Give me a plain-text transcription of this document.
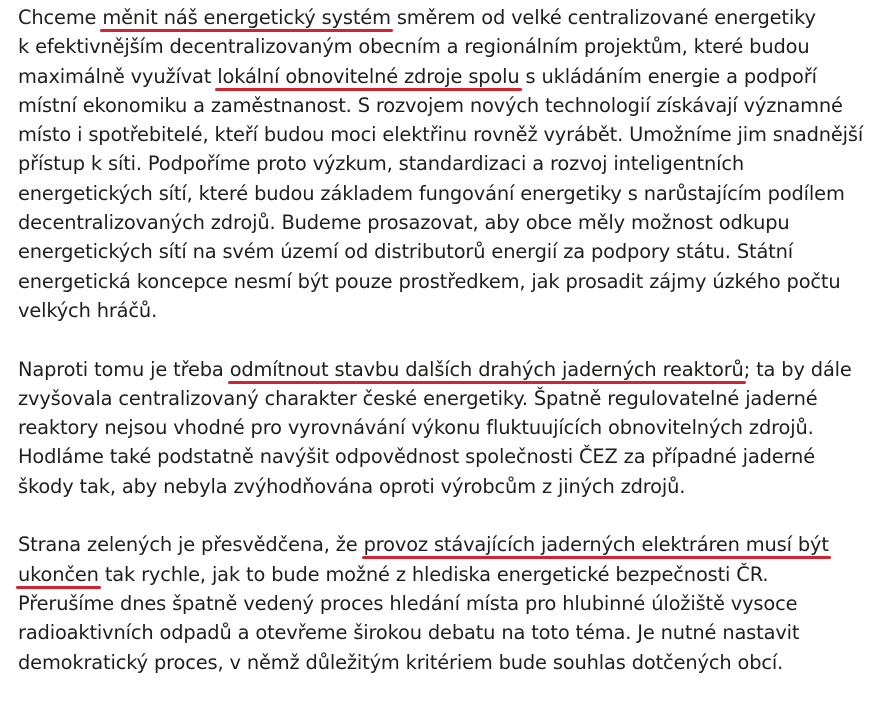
Chceme měnit náš energetický systém směrem od velké centralizované energetiky
k efektivnějším decentralizovaným obecním a regionálním projektům, které budou
maximálně využívat lokální obnovitelné zdroje spolu s ukládáním energie a podpoří
místní ekonomiku a zaměstnanost. S rozvojem nových technologií získávají významné
místo i spotřebitelé, kteří budou moci elektřinu rovněž vyrábět. Umožníme jim snadnější
přístup k síti. Podpoříme proto výzkum, standardizaci a rozvoj inteligentních
energetických sítí, které budou základem fungování energetiky s narůstajícím podílem
decentralizovaných zdrojů. Budeme prosazovat, aby obce měly možnost odkupu
energetických sítí na svém území od distributorů energií za podpory státu. Státní
energetická koncepce nesmí být pouze prostředkem, jak prosadit zájmy úzkého počtu
velkých hráčů.

Naproti tomu je třeba odmítnout stavbu dalších drahých jaderných reaktorů; ta by dále
zvyšovala centralizovaný charakter české energetiky. Špatně regulovatelné jaderné
reaktory nejsou vhodné pro vyrovnávání výkonu fluktuujících obnovitelných zdrojů.
Hodláme také podstatně navýšit odpovědnost společnosti ČEZ za případné jaderné
škody tak, aby nebyla zvýhodňována oproti výrobcům z jiných zdrojů.

Strana zelených je přesvědčena, že provoz stávajících jaderných elektráren musí být
ukončen tak rychle, jak to bude možné z hlediska energetické bezpečnosti ČR.
Přerušíme dnes špatně vedený proces hledání místa pro hlubinné úložiště vysoce
radioaktivních odpadů a otevřeme širokou debatu na toto téma. Je nutné nastavit
demokratický proces, v němž důležitým kritériem bude souhlas dotčených obcí.
